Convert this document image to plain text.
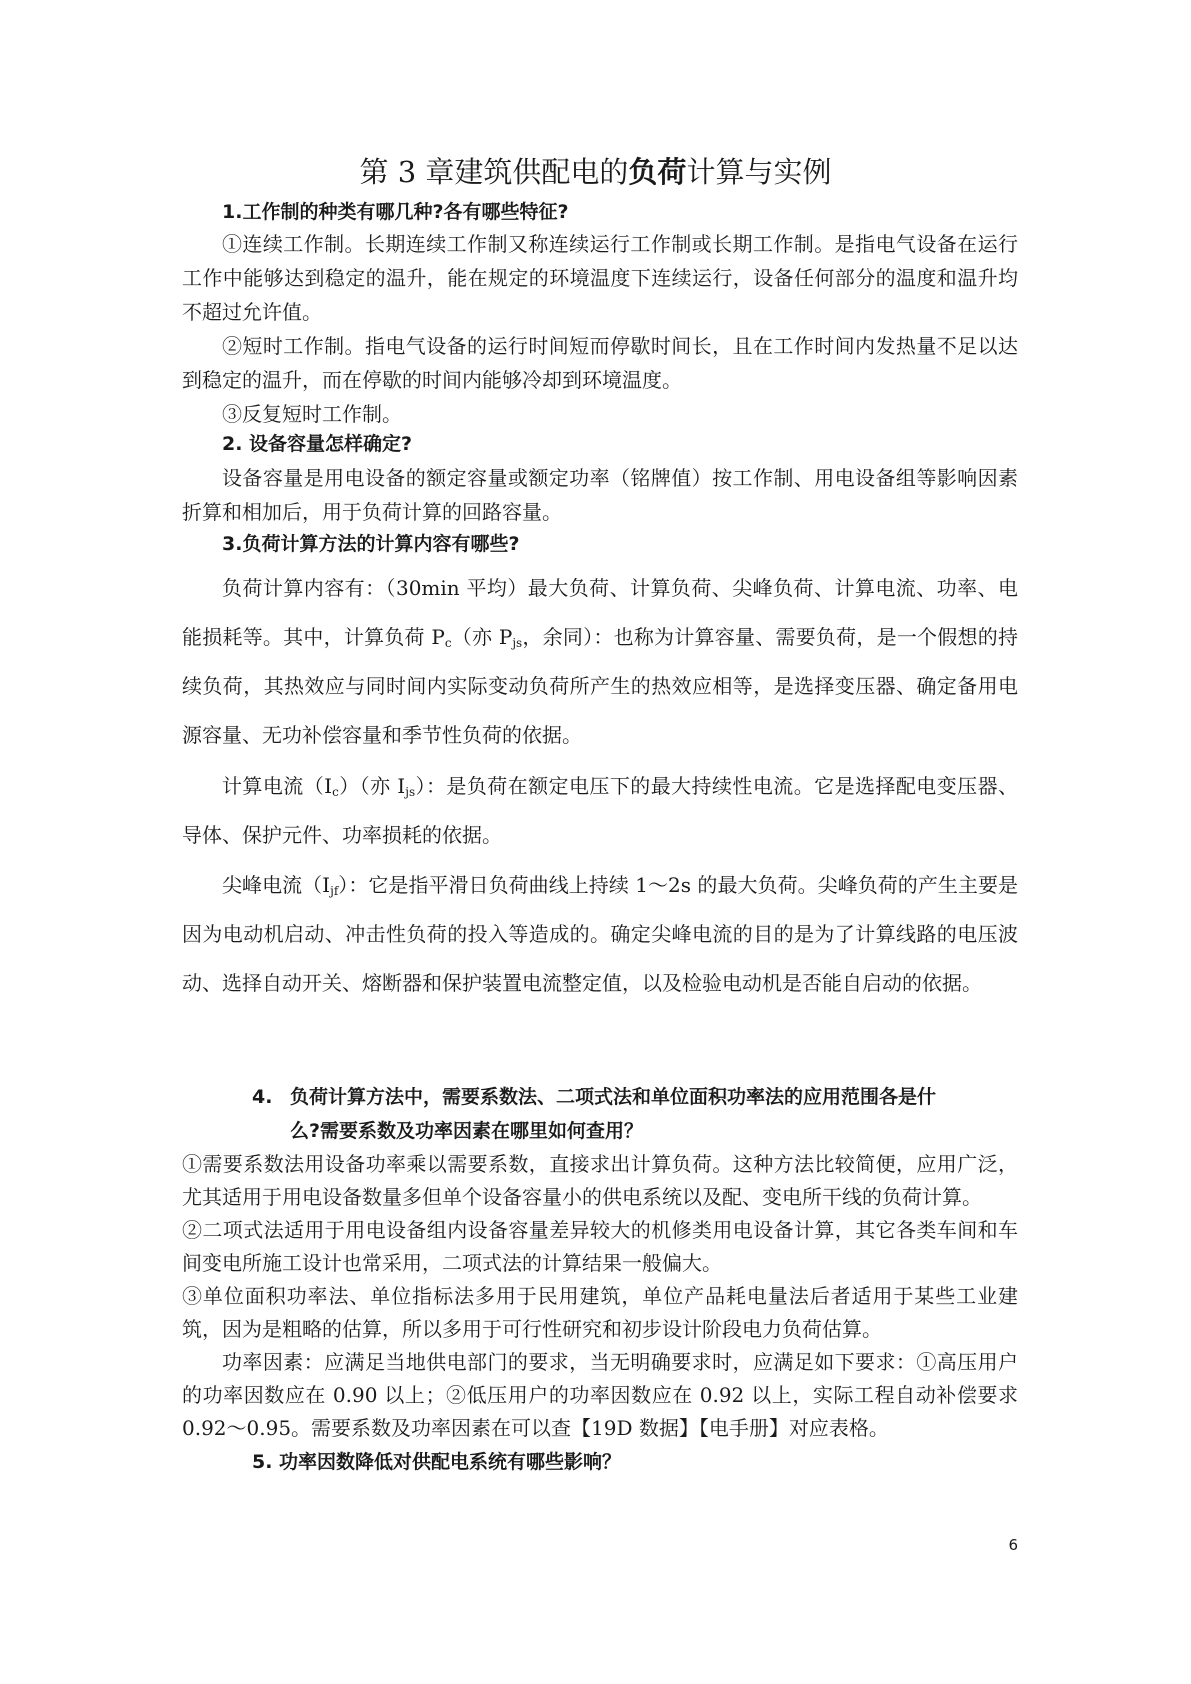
第 3 章建筑供配电的负荷计算与实例
1.工作制的种类有哪几种?各有哪些特征?

①连续工作制。长期连续工作制又称连续运行工作制或长期工作制。是指电气设备在运行工作中能够达到稳定的温升，能在规定的环境温度下连续运行，设备任何部分的温度和温升均不超过允许值。

②短时工作制。指电气设备的运行时间短而停歇时间长，且在工作时间内发热量不足以达到稳定的温升，而在停歇的时间内能够冷却到环境温度。

③反复短时工作制。

2. 设备容量怎样确定?

设备容量是用电设备的额定容量或额定功率（铭牌值）按工作制、用电设备组等影响因素折算和相加后，用于负荷计算的回路容量。

3.负荷计算方法的计算内容有哪些?

负荷计算内容有：（30min 平均）最大负荷、计算负荷、尖峰负荷、计算电流、功率、电能损耗等。其中，计算负荷 $P_c$（亦 $P_{js}$，余同）：也称为计算容量、需要负荷，是一个假想的持续负荷，其热效应与同时间内实际变动负荷所产生的热效应相等，是选择变压器、确定备用电源容量、无功补偿容量和季节性负荷的依据。

计算电流$(I_c)$（亦 $I_{js}$）：是负荷在额定电压下的最大持续性电流。它是选择配电变压器、导体、保护元件、功率损耗的依据。

尖峰电流$(I_{jf})$：它是指平滑日负荷曲线上持续 1～2s 的最大负荷。尖峰负荷的产生主要是因为电动机启动、冲击性负荷的投入等造成的。确定尖峰电流的目的是为了计算线路的电压波动、选择自动开关、熔断器和保护装置电流整定值，以及检验电动机是否能自启动的依据。

4. 负荷计算方法中，需要系数法、二项式法和单位面积功率法的应用范围各是什
么?需要系数及功率因素在哪里如何查用？

①需要系数法用设备功率乘以需要系数，直接求出计算负荷。这种方法比较简便，应用广泛，尤其适用于用电设备数量多但单个设备容量小的供电系统以及配、变电所干线的负荷计算。

②二项式法适用于用电设备组内设备容量差异较大的机修类用电设备计算，其它各类车间和车间变电所施工设计也常采用，二项式法的计算结果一般偏大。

③单位面积功率法、单位指标法多用于民用建筑，单位产品耗电量法后者适用于某些工业建筑，因为是粗略的估算，所以多用于可行性研究和初步设计阶段电力负荷估算。

功率因素：应满足当地供电部门的要求，当无明确要求时，应满足如下要求：①高压用户的功率因数应在 0.90 以上；②低压用户的功率因数应在 0.92 以上，实际工程自动补偿要求 0.92～0.95。需要系数及功率因素在可以查【19D 数据】【电手册】对应表格。

5. 功率因数降低对供配电系统有哪些影响？
6
